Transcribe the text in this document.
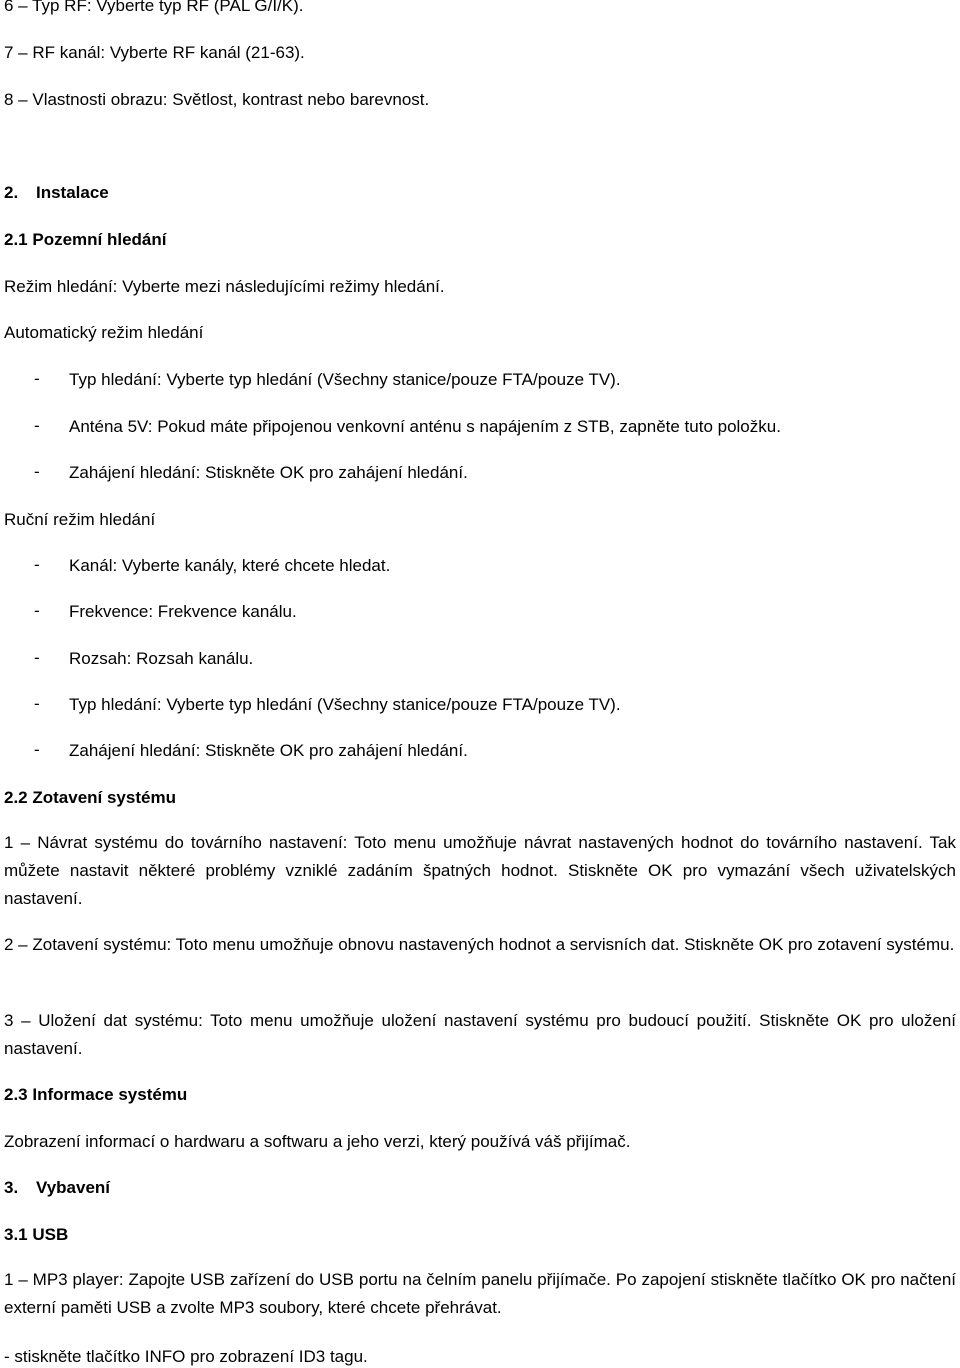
6 – Typ RF: Vyberte typ RF (PAL G/I/K).
7 – RF kanál: Vyberte RF kanál (21-63).
8 – Vlastnosti obrazu: Světlost, kontrast nebo barevnost.
2. Instalace
2.1 Pozemní hledání
Režim hledání: Vyberte mezi následujícími režimy hledání.
Automatický režim hledání
- Typ hledání: Vyberte typ hledání (Všechny stanice/pouze FTA/pouze TV).
- Anténa 5V: Pokud máte připojenou venkovní anténu s napájením z STB, zapněte tuto položku.
- Zahájení hledání: Stiskněte OK pro zahájení hledání.
Ruční režim hledání
- Kanál: Vyberte kanály, které chcete hledat.
- Frekvence: Frekvence kanálu.
- Rozsah: Rozsah kanálu.
- Typ hledání: Vyberte typ hledání (Všechny stanice/pouze FTA/pouze TV).
- Zahájení hledání: Stiskněte OK pro zahájení hledání.
2.2 Zotavení systému
1 – Návrat systému do továrního nastavení: Toto menu umožňuje návrat nastavených hodnot do továrního nastavení. Tak můžete nastavit některé problémy vzniklé zadáním špatných hodnot. Stiskněte OK pro vymazání všech uživatelských nastavení.
2 – Zotavení systému: Toto menu umožňuje obnovu nastavených hodnot a servisních dat. Stiskněte OK pro zotavení systému.
3 – Uložení dat systému: Toto menu umožňuje uložení nastavení systému pro budoucí použití. Stiskněte OK pro uložení nastavení.
2.3 Informace systému
Zobrazení informací o hardwaru a softwaru a jeho verzi, který používá váš přijímač.
3. Vybavení
3.1 USB
1 – MP3 player: Zapojte USB zařízení do USB portu na čelním panelu přijímače. Po zapojení stiskněte tlačítko OK pro načtení externí paměti USB a zvolte MP3 soubory, které chcete přehrávat.
- stiskněte tlačítko INFO pro zobrazení ID3 tagu.
